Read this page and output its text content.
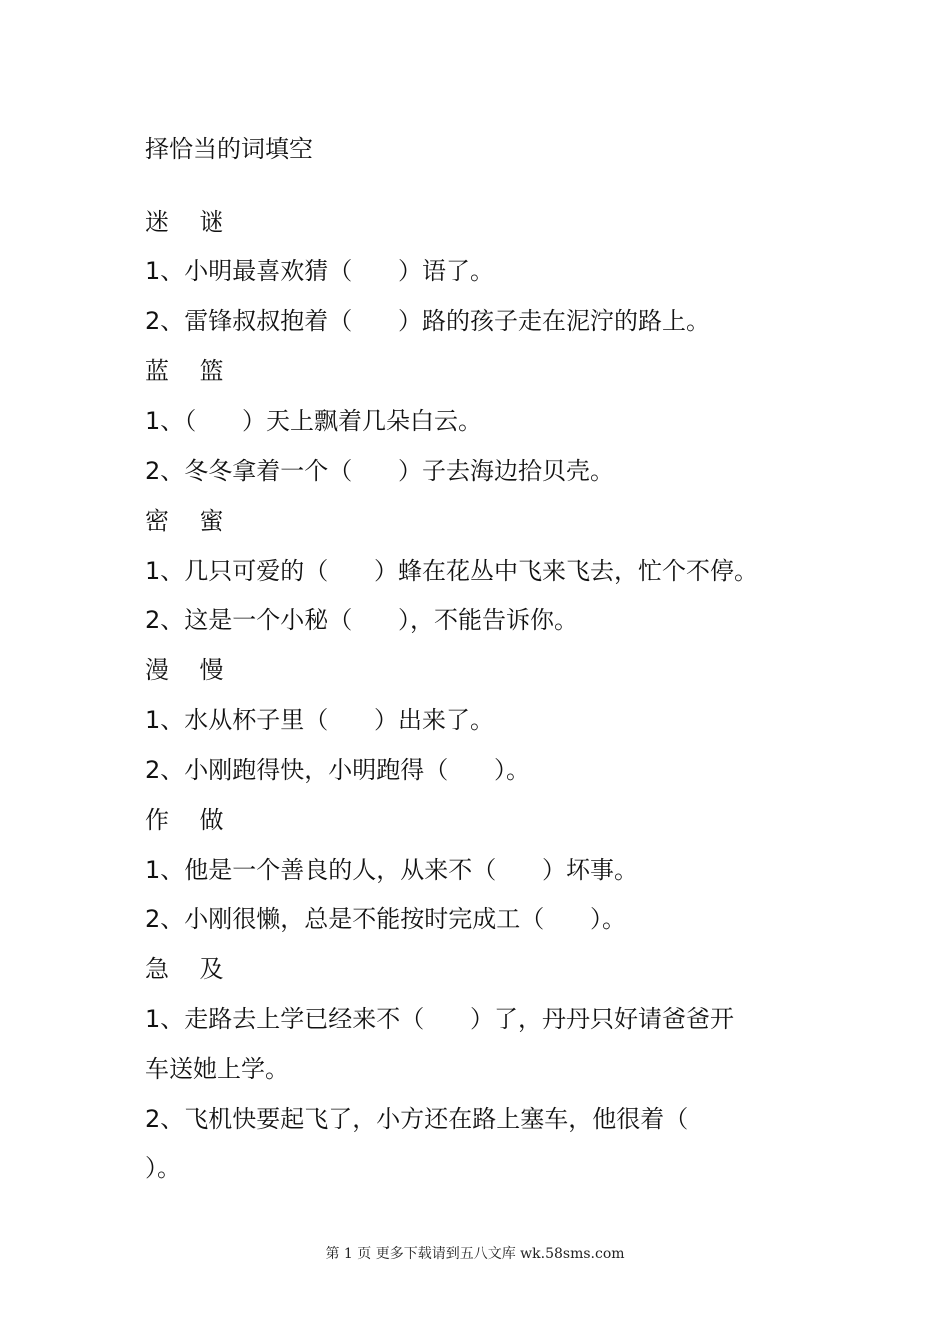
择恰当的词填空
迷    谜
1、小明最喜欢猜（      ）语了。
2、雷锋叔叔抱着（      ）路的孩子走在泥泞的路上。
蓝    篮
1、（      ）天上飘着几朵白云。
2、冬冬拿着一个（      ）子去海边拾贝壳。
密    蜜
1、几只可爱的（      ）蜂在花丛中飞来飞去，忙个不停。
2、这是一个小秘（      ），不能告诉你。
漫    慢
1、水从杯子里（      ）出来了。
2、小刚跑得快，小明跑得（      ）。
作    做
1、他是一个善良的人，从来不（      ）坏事。
2、小刚很懒，总是不能按时完成工（      ）。
急    及
1、走路去上学已经来不（      ）了，丹丹只好请爸爸开
车送她上学。
2、飞机快要起飞了，小方还在路上塞车，他很着（
）。
第 1 页 更多下载请到五八文库 wk.58sms.com
